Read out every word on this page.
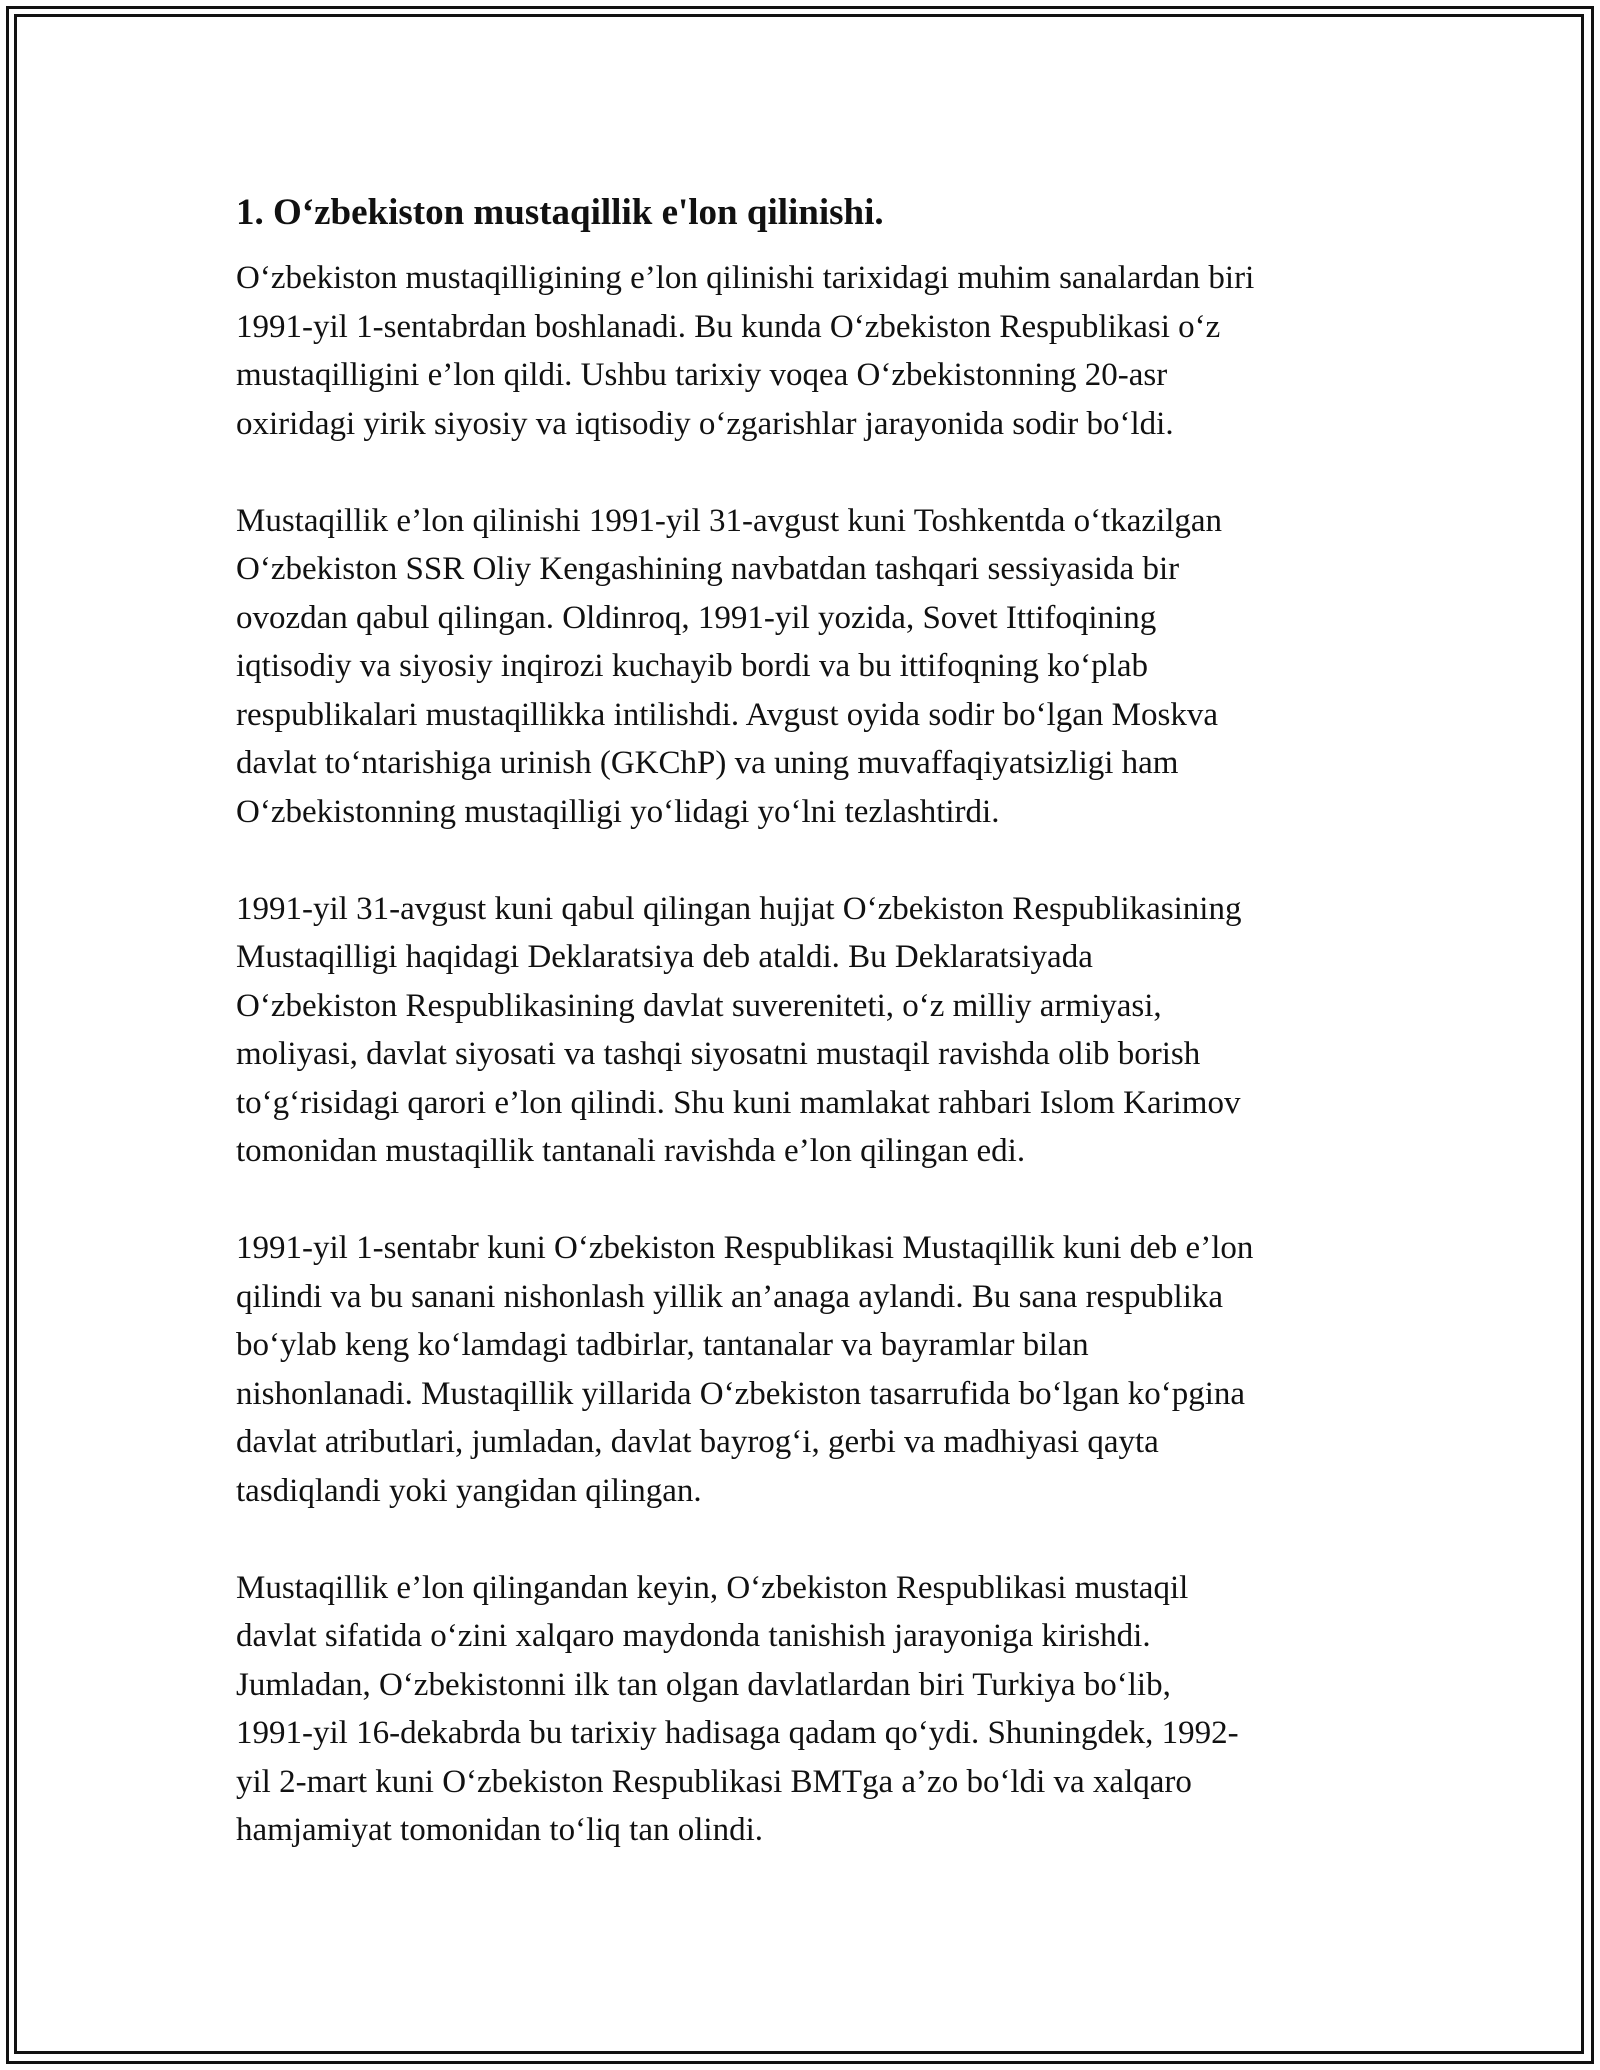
1. O‘zbekiston mustaqillik e'lon qilinishi.
O‘zbekiston mustaqilligining e’lon qilinishi tarixidagi muhim sanalardan biri
1991-yil 1-sentabrdan boshlanadi. Bu kunda O‘zbekiston Respublikasi o‘z
mustaqilligini e’lon qildi. Ushbu tarixiy voqea O‘zbekistonning 20-asr
oxiridagi yirik siyosiy va iqtisodiy o‘zgarishlar jarayonida sodir bo‘ldi.
Mustaqillik e’lon qilinishi 1991-yil 31-avgust kuni Toshkentda o‘tkazilgan
O‘zbekiston SSR Oliy Kengashining navbatdan tashqari sessiyasida bir
ovozdan qabul qilingan. Oldinroq, 1991-yil yozida, Sovet Ittifoqining
iqtisodiy va siyosiy inqirozi kuchayib bordi va bu ittifoqning ko‘plab
respublikalari mustaqillikka intilishdi. Avgust oyida sodir bo‘lgan Moskva
davlat to‘ntarishiga urinish (GKChP) va uning muvaffaqiyatsizligi ham
O‘zbekistonning mustaqilligi yo‘lidagi yo‘lni tezlashtirdi.
1991-yil 31-avgust kuni qabul qilingan hujjat O‘zbekiston Respublikasining
Mustaqilligi haqidagi Deklaratsiya deb ataldi. Bu Deklaratsiyada
O‘zbekiston Respublikasining davlat suvereniteti, o‘z milliy armiyasi,
moliyasi, davlat siyosati va tashqi siyosatni mustaqil ravishda olib borish
to‘g‘risidagi qarori e’lon qilindi. Shu kuni mamlakat rahbari Islom Karimov
tomonidan mustaqillik tantanali ravishda e’lon qilingan edi.
1991-yil 1-sentabr kuni O‘zbekiston Respublikasi Mustaqillik kuni deb e’lon
qilindi va bu sanani nishonlash yillik an’anaga aylandi. Bu sana respublika
bo‘ylab keng ko‘lamdagi tadbirlar, tantanalar va bayramlar bilan
nishonlanadi. Mustaqillik yillarida O‘zbekiston tasarrufida bo‘lgan ko‘pgina
davlat atributlari, jumladan, davlat bayrog‘i, gerbi va madhiyasi qayta
tasdiqlandi yoki yangidan qilingan.
Mustaqillik e’lon qilingandan keyin, O‘zbekiston Respublikasi mustaqil
davlat sifatida o‘zini xalqaro maydonda tanishish jarayoniga kirishdi.
Jumladan, O‘zbekistonni ilk tan olgan davlatlardan biri Turkiya bo‘lib,
1991-yil 16-dekabrda bu tarixiy hadisaga qadam qo‘ydi. Shuningdek, 1992-
yil 2-mart kuni O‘zbekiston Respublikasi BMTga a’zo bo‘ldi va xalqaro
hamjamiyat tomonidan to‘liq tan olindi.
